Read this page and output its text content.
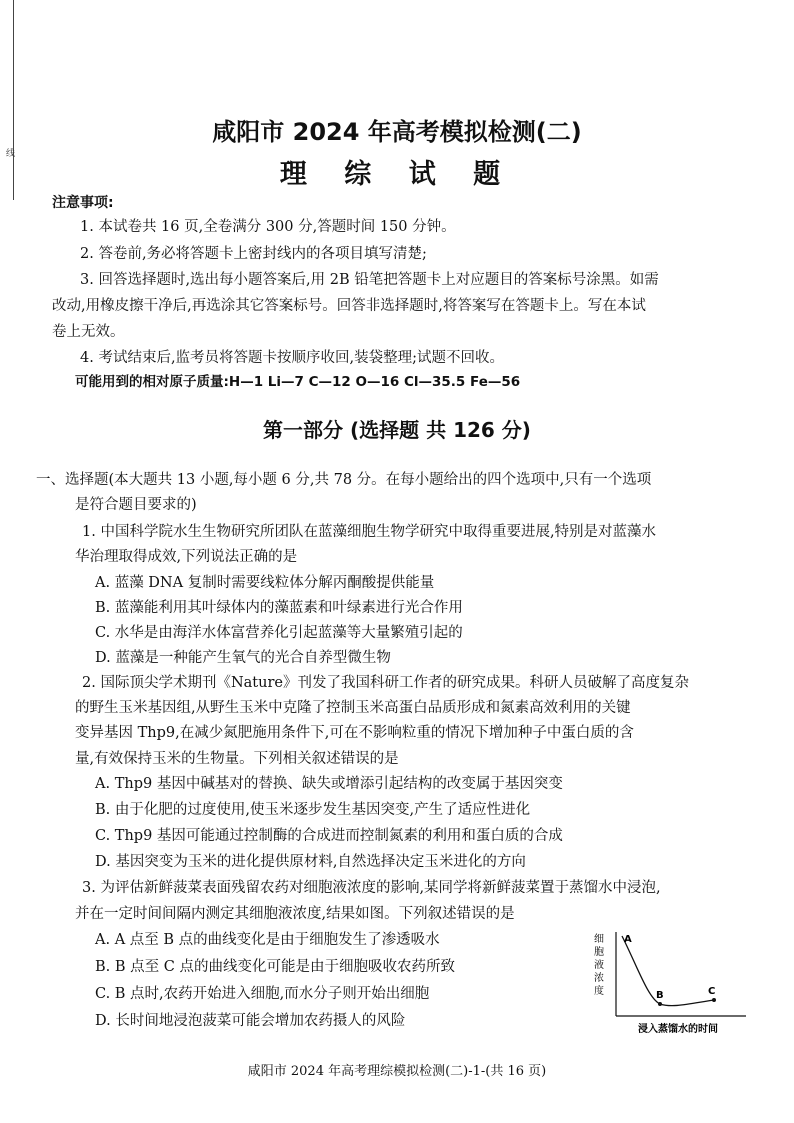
线
咸阳市 2024 年高考模拟检测(二)
理 综 试 题
注意事项:
1. 本试卷共 16 页,全卷满分 300 分,答题时间 150 分钟。
2. 答卷前,务必将答题卡上密封线内的各项目填写清楚;
3. 回答选择题时,选出每小题答案后,用 2B 铅笔把答题卡上对应题目的答案标号涂黑。如需
改动,用橡皮擦干净后,再选涂其它答案标号。回答非选择题时,将答案写在答题卡上。写在本试
卷上无效。
4. 考试结束后,监考员将答题卡按顺序收回,装袋整理;试题不回收。
可能用到的相对原子质量:H—1 Li—7 C—12 O—16 Cl—35.5 Fe—56
第一部分 (选择题 共 126 分)
一、选择题(本大题共 13 小题,每小题 6 分,共 78 分。在每小题给出的四个选项中,只有一个选项
是符合题目要求的)
1. 中国科学院水生生物研究所团队在蓝藻细胞生物学研究中取得重要进展,特别是对蓝藻水
华治理取得成效,下列说法正确的是
A. 蓝藻 DNA 复制时需要线粒体分解丙酮酸提供能量
B. 蓝藻能利用其叶绿体内的藻蓝素和叶绿素进行光合作用
C. 水华是由海洋水体富营养化引起蓝藻等大量繁殖引起的
D. 蓝藻是一种能产生氧气的光合自养型微生物
2. 国际顶尖学术期刊《Nature》刊发了我国科研工作者的研究成果。科研人员破解了高度复杂
的野生玉米基因组,从野生玉米中克隆了控制玉米高蛋白品质形成和氮素高效利用的关键
变异基因 Thp9,在减少氮肥施用条件下,可在不影响粒重的情况下增加种子中蛋白质的含
量,有效保持玉米的生物量。下列相关叙述错误的是
A. Thp9 基因中碱基对的替换、缺失或增添引起结构的改变属于基因突变
B. 由于化肥的过度使用,使玉米逐步发生基因突变,产生了适应性进化
C. Thp9 基因可能通过控制酶的合成进而控制氮素的利用和蛋白质的合成
D. 基因突变为玉米的进化提供原材料,自然选择决定玉米进化的方向
3. 为评估新鲜菠菜表面残留农药对细胞液浓度的影响,某同学将新鲜菠菜置于蒸馏水中浸泡,
并在一定时间间隔内测定其细胞液浓度,结果如图。下列叙述错误的是
A. A 点至 B 点的曲线变化是由于细胞发生了渗透吸水
B. B 点至 C 点的曲线变化可能是由于细胞吸收农药所致
C. B 点时,农药开始进入细胞,而水分子则开始出细胞
D. 长时间地浸泡菠菜可能会增加农药摄人的风险
细
胞
液
浓
度
A
B	C
浸入蒸馏水的时间
咸阳市 2024 年高考理综模拟检测(二)-1-(共 16 页)
